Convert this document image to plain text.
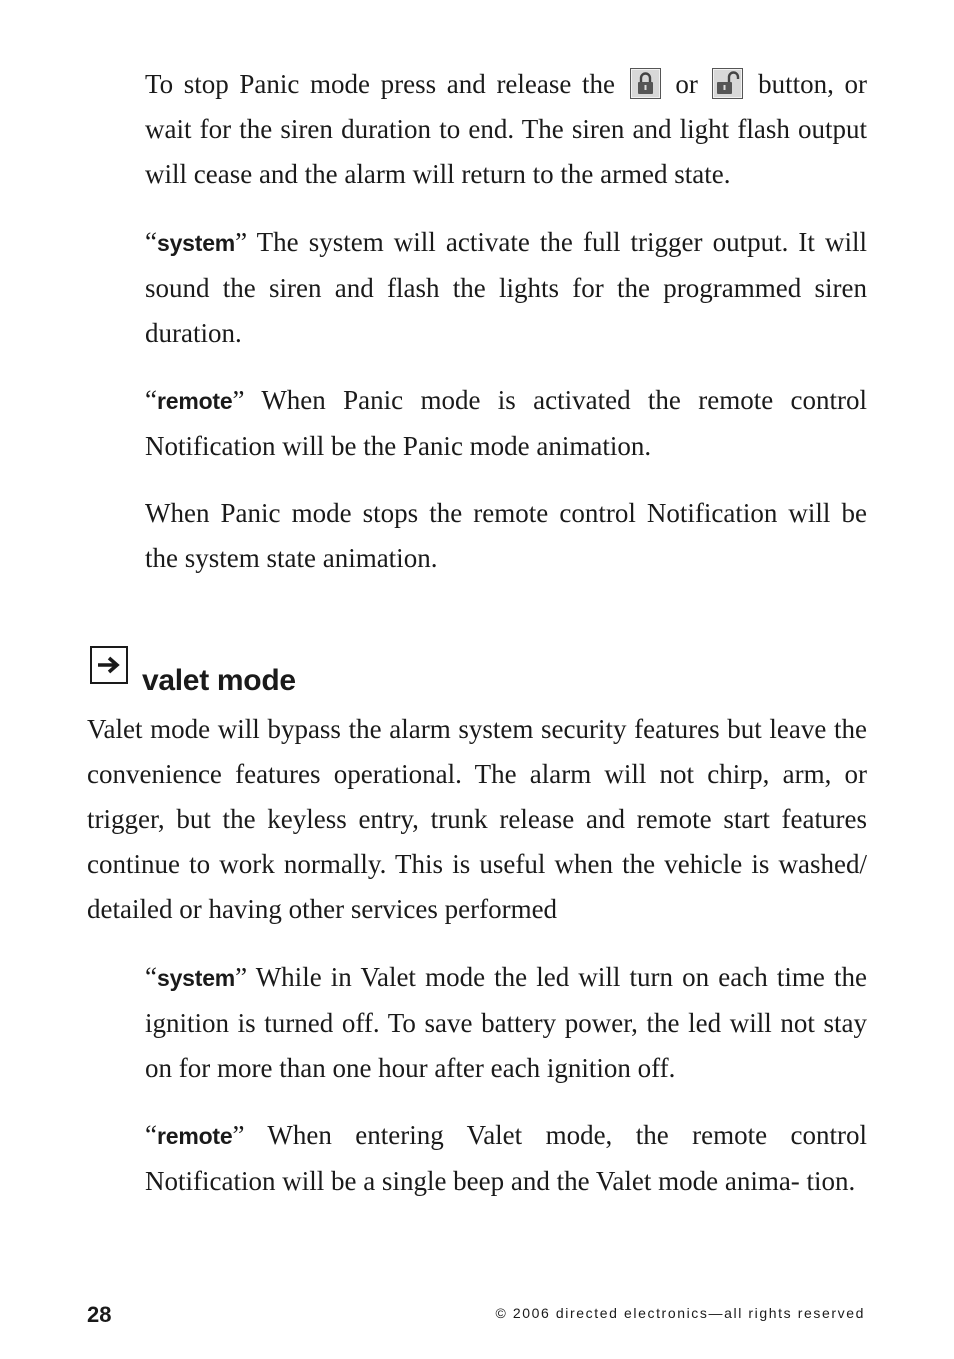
To stop Panic mode press and release the or button, or wait for the siren duration to end. The siren and light flash output will cease and the alarm will return to the armed state.

“system” The system will activate the full trigger output. It will sound the siren and flash the lights for the programmed siren duration.

“remote” When Panic mode is activated the remote control Notification will be the Panic mode animation.

When Panic mode stops the remote control Notification will be the system state animation.

valet mode

Valet mode will bypass the alarm system security features but leave the convenience features operational. The alarm will not chirp, arm, or trigger, but the keyless entry, trunk release and remote start features continue to work normally. This is useful when the vehicle is washed/ detailed or having other services performed

“system” While in Valet mode the led will turn on each time the ignition is turned off. To save battery power, the led will not stay on for more than one hour after each ignition off.

“remote” When entering Valet mode, the remote control Notification will be a single beep and the Valet mode anima- tion.

28	© 2006 directed electronics—all rights reserved
